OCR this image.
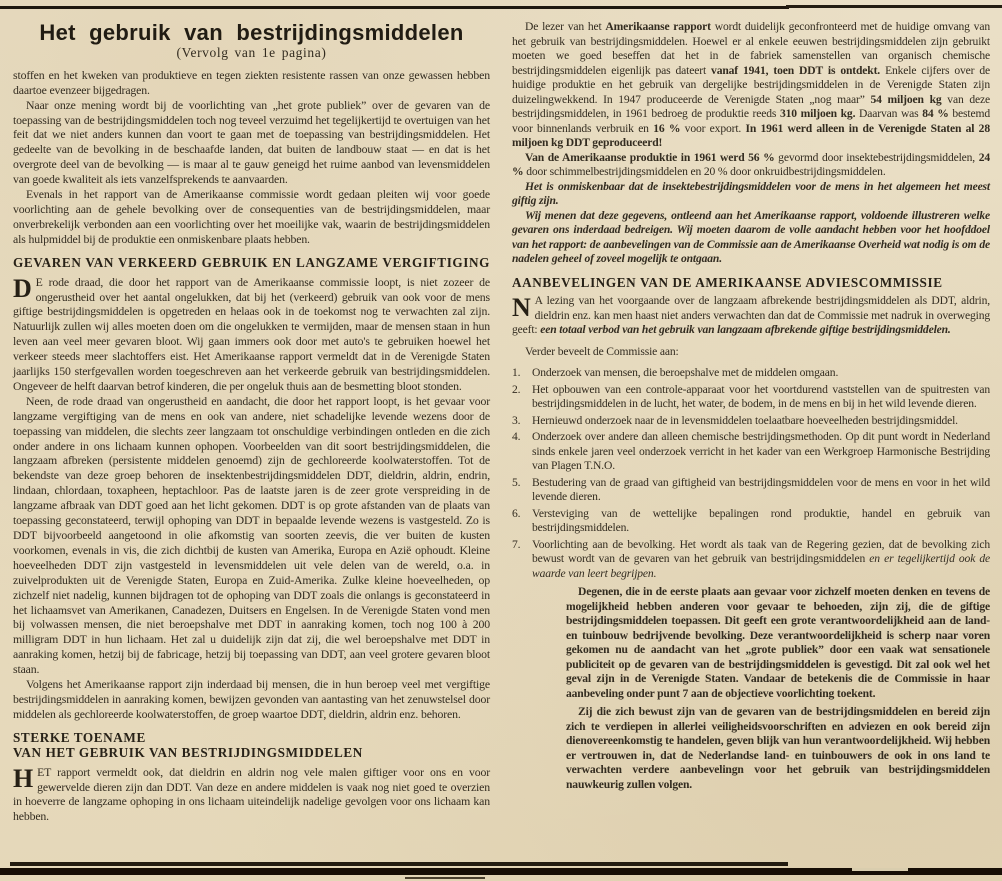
Het gebruik van bestrijdingsmiddelen
(Vervolg van 1e pagina)

stoffen en het kweken van produktieve en tegen ziekten resistente rassen van onze gewassen hebben daartoe evenzeer bijgedragen.

Naar onze mening wordt bij de voorlichting van „het grote publiek” over de gevaren van de toepassing van de bestrijdingsmiddelen toch nog teveel verzuimd het tegelijkertijd te overtuigen van het feit dat we niet anders kunnen dan voort te gaan met de toepassing van bestrijdingsmiddelen. Het gedeelte van de bevolking in de beschaafde landen, dat buiten de landbouw staat — en dat is het overgrote deel van de bevolking — is maar al te gauw geneigd het ruime aanbod van levensmiddelen van goede kwaliteit als iets vanzelfsprekends te aanvaarden.

Evenals in het rapport van de Amerikaanse commissie wordt gedaan pleiten wij voor goede voorlichting aan de gehele bevolking over de consequenties van de bestrijdingsmiddelen, maar onverbrekelijk verbonden aan een voorlichting over het moeilijke vak, waarin de bestrijdingsmiddelen als hulpmiddel bij de produktie een onmiskenbare plaats hebben.

GEVAREN VAN VERKEERD GEBRUIK EN LANGZAME VERGIFTIGING

D E rode draad, die door het rapport van de Amerikaanse commissie loopt, is niet zozeer de ongerustheid over het aantal ongelukken, dat bij het (verkeerd) gebruik van ook voor de mens giftige bestrijdingsmiddelen is opgetreden en helaas ook in de toekomst nog te verwachten zal zijn. Natuurlijk zullen wij alles moeten doen om die ongelukken te vermijden, maar de mensen staan in hun leven aan veel meer gevaren bloot. Wij gaan immers ook door met auto's te gebruiken hoewel het verkeer steeds meer slachtoffers eist. Het Amerikaanse rapport vermeldt dat in de Verenigde Staten jaarlijks 150 sterfgevallen worden toegeschreven aan het verkeerde gebruik van bestrijdingsmiddelen. Ongeveer de helft daarvan betrof kinderen, die per ongeluk thuis aan de besmetting bloot stonden.

Neen, de rode draad van ongerustheid en aandacht, die door het rapport loopt, is het gevaar voor langzame vergiftiging van de mens en ook van andere, niet schadelijke levende wezens door de toepassing van middelen, die slechts zeer langzaam tot onschuldige verbindingen ontleden en die zich onder andere in ons lichaam kunnen ophopen. Voorbeelden van dit soort bestrijdingsmiddelen, die langzaam afbreken (persistente middelen genoemd) zijn de gechloreerde koolwaterstoffen. Tot de bekendste van deze groep behoren de insektenbestrijdingsmiddelen DDT, dieldrin, aldrin, endrin, lindaan, chlordaan, toxapheen, heptachloor. Pas de laatste jaren is de zeer grote verspreiding in de langzame afbraak van DDT goed aan het licht gekomen. DDT is op grote afstanden van de plaats van toepassing geconstateerd, terwijl ophoping van DDT in bepaalde levende wezens is vastgesteld. Zo is DDT bijvoorbeeld aangetoond in olie afkomstig van soorten zeevis, die ver buiten de kusten voorkomen, evenals in vis, die zich dichtbij de kusten van Amerika, Europa en Azië ophoudt. Kleine hoeveelheden DDT zijn vastgesteld in levensmiddelen uit vele delen van de wereld, o.a. in zuivelprodukten uit de Verenigde Staten, Europa en Zuid-Amerika. Zulke kleine hoeveelheden, op zichzelf niet nadelig, kunnen bijdragen tot de ophoping van DDT zoals die onlangs is geconstateerd in het lichaamsvet van Amerikanen, Canadezen, Duitsers en Engelsen. In de Verenigde Staten vond men bij volwassen mensen, die niet beroepshalve met DDT in aanraking komen, toch nog 100 à 200 milligram DDT in hun lichaam. Het zal u duidelijk zijn dat zij, die wel beroepshalve met DDT in aanraking komen, hetzij bij de fabricage, hetzij bij toepassing van DDT, aan veel grotere gevaren bloot staan.

Volgens het Amerikaanse rapport zijn inderdaad bij mensen, die in hun beroep veel met vergiftige bestrijdingsmiddelen in aanraking komen, bewijzen gevonden van aantasting van het zenuwstelsel door middelen als gechloreerde koolwaterstoffen, de groep waartoe DDT, dieldrin, aldrin enz. behoren.

STERKE TOENAME
VAN HET GEBRUIK VAN BESTRIJDINGSMIDDELEN

HET rapport vermeldt ook, dat dieldrin en aldrin nog vele malen giftiger voor ons en voor gewervelde dieren zijn dan DDT. Van deze en andere middelen is vaak nog niet goed te overzien in hoeverre de langzame ophoping in ons lichaam uiteindelijk nadelige gevolgen voor ons lichaam kan hebben.

De lezer van het Amerikaanse rapport wordt duidelijk geconfronteerd met de huidige omvang van het gebruik van bestrijdingsmiddelen. Hoewel er al enkele eeuwen bestrijdingsmiddelen zijn gebruikt moeten we goed beseffen dat het in de fabriek samenstellen van organisch chemische bestrijdingsmiddelen eigenlijk pas dateert vanaf 1941, toen DDT is ontdekt. Enkele cijfers over de huidige produktie en het gebruik van dergelijke bestrijdingsmiddelen in de Verenigde Staten zijn duizelingwekkend. In 1947 produceerde de Verenigde Staten „nog maar” 54 miljoen kg van deze bestrijdingsmiddelen, in 1961 bedroeg de produktie reeds 310 miljoen kg. Daarvan was 84 % bestemd voor binnenlands verbruik en 16 % voor export. In 1961 werd alleen in de Verenigde Staten al 28 miljoen kg DDT geproduceerd!

Van de Amerikaanse produktie in 1961 werd 56 % gevormd door insektebestrijdingsmiddelen, 24 % door schimmelbestrijdingsmiddelen en 20 % door onkruidbestrijdingsmiddelen.

Het is onmiskenbaar dat de insektebestrijdingsmiddelen voor de mens in het algemeen het meest giftig zijn.

Wij menen dat deze gegevens, ontleend aan het Amerikaanse rapport, voldoende illustreren welke gevaren ons inderdaad bedreigen. Wij moeten daarom de volle aandacht hebben voor het hoofddoel van het rapport: de aanbevelingen van de Commissie aan de Amerikaanse Overheid wat nodig is om de nadelen geheel of zoveel mogelijk te ontgaan.

AANBEVELINGEN VAN DE AMERIKAANSE ADVIESCOMMISSIE

N A lezing van het voorgaande over de langzaam afbrekende bestrijdingsmiddelen als DDT, aldrin, dieldrin enz. kan men haast niet anders verwachten dan dat de Commissie met nadruk in overweging geeft: een totaal verbod van het gebruik van langzaam afbrekende giftige bestrijdingsmiddelen.

Verder beveelt de Commissie aan:

1. Onderzoek van mensen, die beroepshalve met de middelen omgaan.
2. Het opbouwen van een controle-apparaat voor het voortdurend vaststellen van de spuitresten van bestrijdingsmiddelen in de lucht, het water, de bodem, in de mens en bij in het wild levende dieren.
3. Hernieuwd onderzoek naar de in levensmiddelen toelaatbare hoeveelheden bestrijdingsmiddel.
4. Onderzoek over andere dan alleen chemische bestrijdingsmethoden. Op dit punt wordt in Nederland sinds enkele jaren veel onderzoek verricht in het kader van een Werkgroep Harmonische Bestrijding van Plagen T.N.O.
5. Bestudering van de graad van giftigheid van bestrijdingsmiddelen voor de mens en voor in het wild levende dieren.
6. Versteviging van de wettelijke bepalingen rond produktie, handel en gebruik van bestrijdingsmiddelen.
7. Voorlichting aan de bevolking. Het wordt als taak van de Regering gezien, dat de bevolking zich bewust wordt van de gevaren van het gebruik van bestrijdingsmiddelen en er tegelijkertijd ook de waarde van leert begrijpen.

Degenen, die in de eerste plaats aan gevaar voor zichzelf moeten denken en tevens de mogelijkheid hebben anderen voor gevaar te behoeden, zijn zij, die de giftige bestrijdingsmiddelen toepassen. Dit geeft een grote verantwoordelijkheid aan de land- en tuinbouw bedrijvende bevolking. Deze verantwoordelijkheid is scherp naar voren gekomen nu de aandacht van het „grote publiek” door een vaak wat sensationele publiciteit op de gevaren van de bestrijdingsmiddelen is gevestigd. Dit zal ook wel het geval zijn in de Verenigde Staten. Vandaar de betekenis die de Commissie in haar aanbeveling onder punt 7 aan de objectieve voorlichting toekent.

Zij die zich bewust zijn van de gevaren van de bestrijdingsmiddelen en bereid zijn zich te verdiepen in allerlei veiligheidsvoorschriften en adviezen en ook bereid zijn dienovereenkomstig te handelen, geven blijk van hun verantwoordelijkheid. Wij hebben er vertrouwen in, dat de Nederlandse land- en tuinbouwers de ook in ons land te verwachten verdere aanbevelingn voor het gebruik van bestrijdingsmiddelen nauwkeurig zullen volgen.
